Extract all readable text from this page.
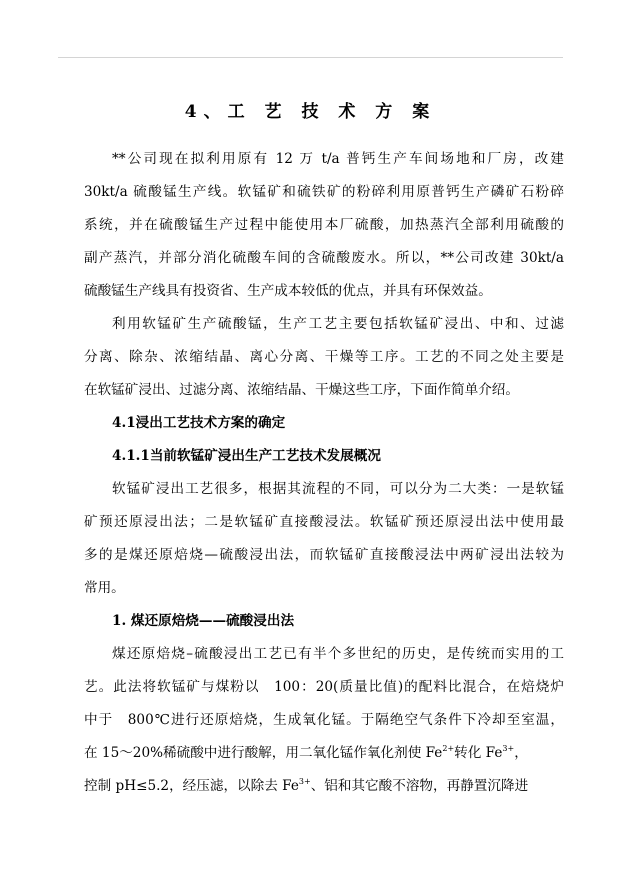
4、工 艺 技 术 方 案
**公司现在拟利用原有 12 万 t/a 普钙生产车间场地和厂房，改建
30kt/a 硫酸锰生产线。软锰矿和硫铁矿的粉碎利用原普钙生产磷矿石粉碎
系统，并在硫酸锰生产过程中能使用本厂硫酸，加热蒸汽全部利用硫酸的
副产蒸汽，并部分消化硫酸车间的含硫酸废水。所以，**公司改建 30kt/a
硫酸锰生产线具有投资省、生产成本较低的优点，并具有环保效益。
利用软锰矿生产硫酸锰，生产工艺主要包括软锰矿浸出、中和、过滤
分离、除杂、浓缩结晶、离心分离、干燥等工序。工艺的不同之处主要是
在软锰矿浸出、过滤分离、浓缩结晶、干燥这些工序，下面作简单介绍。
4.1浸出工艺技术方案的确定
4.1.1当前软锰矿浸出生产工艺技术发展概况
软锰矿浸出工艺很多，根据其流程的不同，可以分为二大类：一是软锰
矿预还原浸出法；二是软锰矿直接酸浸法。软锰矿预还原浸出法中使用最
多的是煤还原焙烧—硫酸浸出法，而软锰矿直接酸浸法中两矿浸出法较为
常用。
1. 煤还原焙烧——硫酸浸出法
煤还原焙烧–硫酸浸出工艺已有半个多世纪的历史，是传统而实用的工
艺。此法将软锰矿与煤粉以　100：20(质量比值)的配料比混合，在焙烧炉
中于　800℃进行还原焙烧，生成氧化锰。于隔绝空气条件下冷却至室温，
在 15～20%稀硫酸中进行酸解，用二氧化锰作氧化剂使 $Fe^{2+}$转化 $Fe^{3+}$，
控制 pH≤5.2，经压滤，以除去 $Fe^{3+}$、铝和其它酸不溶物，再静置沉降进
